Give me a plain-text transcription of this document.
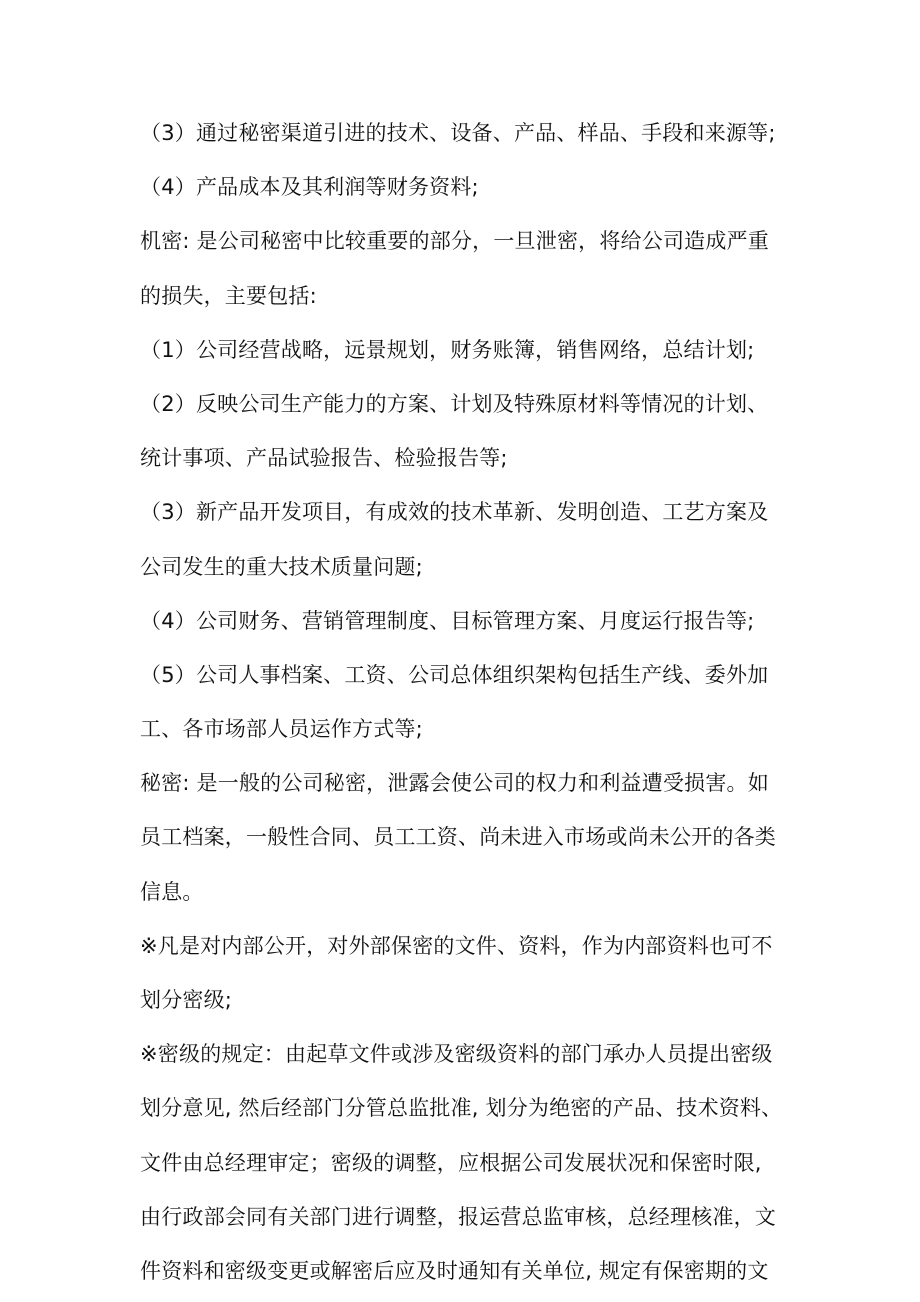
（3）通过秘密渠道引进的技术、设备、产品、样品、手段和来源等;
（4）产品成本及其利润等财务资料;
机密: 是公司秘密中比较重要的部分，一旦泄密，将给公司造成严重
的损失，主要包括:
（1）公司经营战略，远景规划，财务账簿，销售网络，总结计划;
（2）反映公司生产能力的方案、计划及特殊原材料等情况的计划、
统计事项、产品试验报告、检验报告等;
（3）新产品开发项目，有成效的技术革新、发明创造、工艺方案及
公司发生的重大技术质量问题;
（4）公司财务、营销管理制度、目标管理方案、月度运行报告等;
（5）公司人事档案、工资、公司总体组织架构包括生产线、委外加
工、各市场部人员运作方式等;
秘密: 是一般的公司秘密，泄露会使公司的权力和利益遭受损害。如
员工档案，一般性合同、员工工资、尚未进入市场或尚未公开的各类
信息。
※凡是对内部公开，对外部保密的文件、资料，作为内部资料也可不
划分密级;
※密级的规定：由起草文件或涉及密级资料的部门承办人员提出密级
划分意见, 然后经部门分管总监批准, 划分为绝密的产品、技术资料、
文件由总经理审定；密级的调整，应根据公司发展状况和保密时限,
由行政部会同有关部门进行调整，报运营总监审核，总经理核准，文
件资料和密级变更或解密后应及时通知有关单位, 规定有保密期的文
